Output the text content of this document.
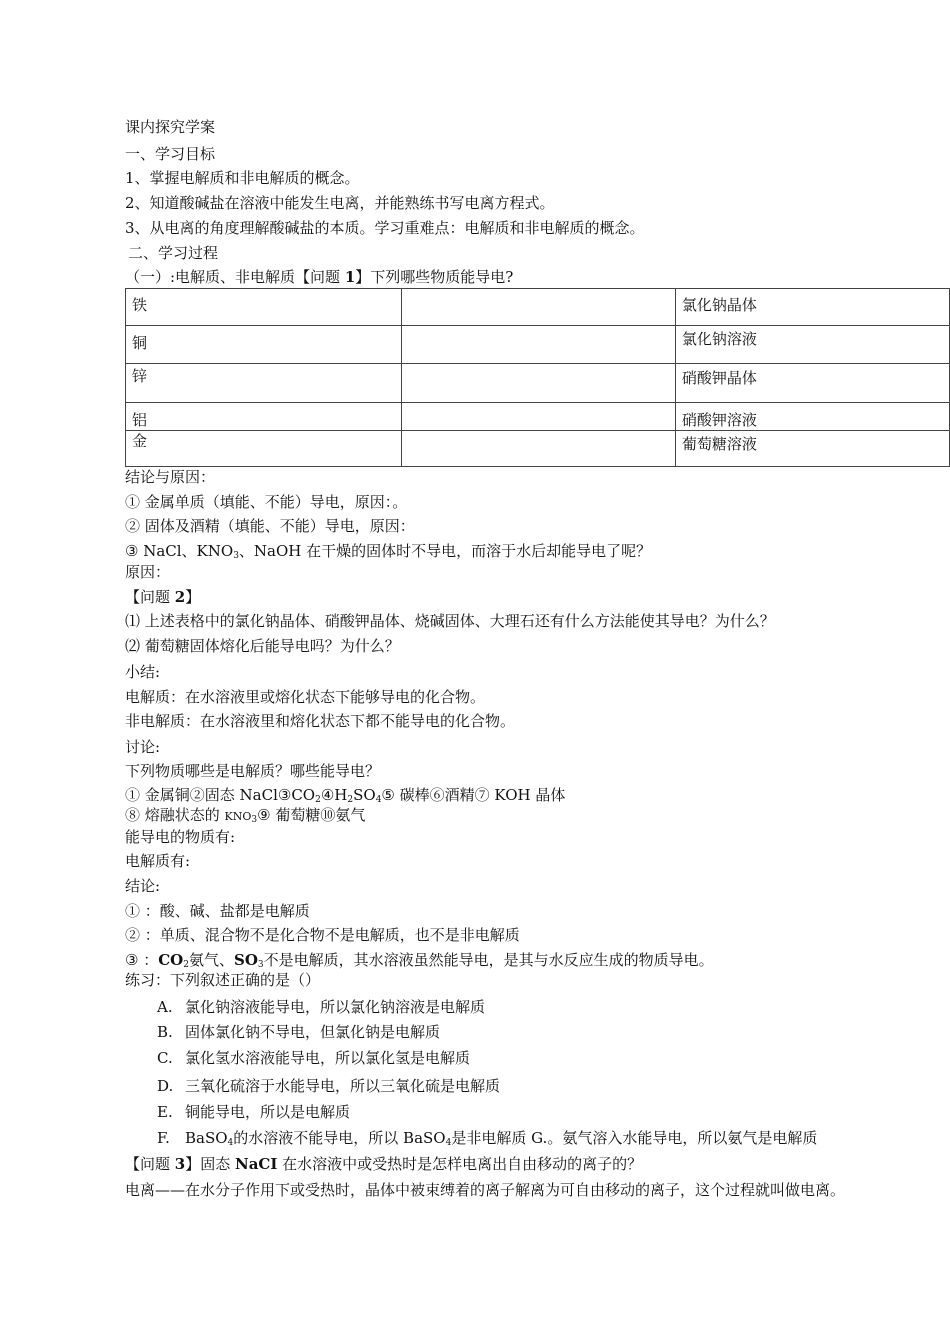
课内探究学案
一、学习目标
1、掌握电解质和非电解质的概念。
2、知道酸碱盐在溶液中能发生电离，并能熟练书写电离方程式。
3、从电离的角度理解酸碱盐的本质。学习重难点：电解质和非电解质的概念。
二、学习过程
（一）:电解质、非电解质【问题 1】下列哪些物质能导电?
铁		氯化钠晶体
铜		氯化钠溶液
锌		硝酸钾晶体
铝		硝酸钾溶液
金		葡萄糖溶液
结论与原因：
① 金属单质（填能、不能）导电，原因：。
② 固体及酒精（填能、不能）导电，原因：
③ NaCl、$KNO_3$、NaOH 在干燥的固体时不导电，而溶于水后却能导电了呢？
原因：
【问题 2】
⑴ 上述表格中的氯化钠晶体、硝酸钾晶体、烧碱固体、大理石还有什么方法能使其导电？为什么？
⑵ 葡萄糖固体熔化后能导电吗？为什么？
小结:
电解质：在水溶液里或熔化状态下能够导电的化合物。
非电解质：在水溶液里和熔化状态下都不能导电的化合物。
讨论:
下列物质哪些是电解质？哪些能导电？
① 金属铜②固态 $NaCl③CO_2④H_2SO_4⑤$ 碳棒⑥酒精⑦ KOH 晶体
⑧ 熔融状态的 $KNO_3⑨$ 葡萄糖⑩氨气
能导电的物质有:
电解质有:
结论:
① ：酸、碱、盐都是电解质
② ：单质、混合物不是化合物不是电解质，也不是非电解质
③ ：$CO_2$氨气、$SO_3$不是电解质，其水溶液虽然能导电，是其与水反应生成的物质导电。
练习：下列叙述正确的是（）
A. 氯化钠溶液能导电，所以氯化钠溶液是电解质
B. 固体氯化钠不导电，但氯化钠是电解质
C. 氯化氢水溶液能导电，所以氯化氢是电解质
D. 三氧化硫溶于水能导电，所以三氧化硫是电解质
E. 铜能导电，所以是电解质
F. BaSO$_4$的水溶液不能导电，所以 BaSO$_4$是非电解质 G.。氨气溶入水能导电，所以氨气是电解质
【问题 3】固态 NaCI 在水溶液中或受热时是怎样电离出自由移动的离子的？
电离——在水分子作用下或受热时，晶体中被束缚着的离子解离为可自由移动的离子，这个过程就叫做电离。
